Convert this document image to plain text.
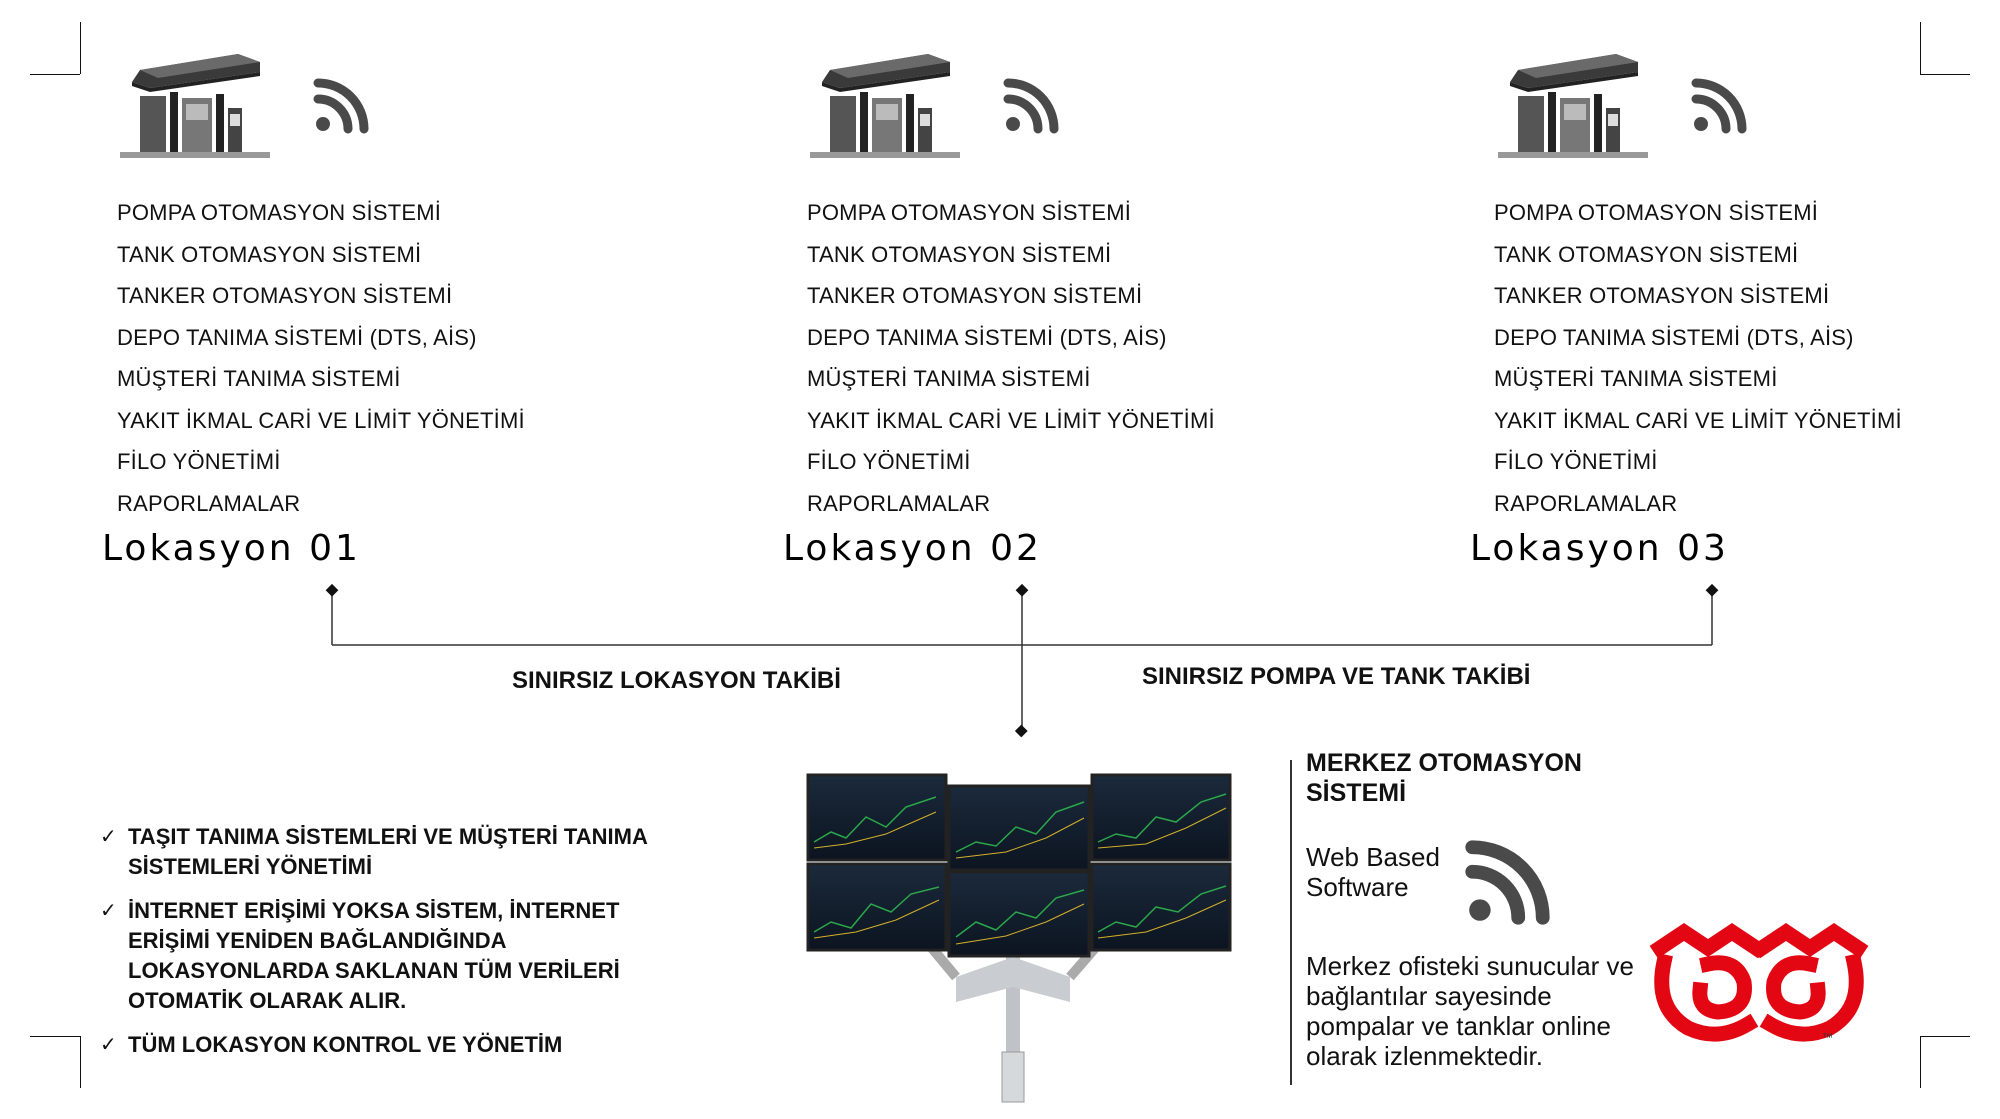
POMPA OTOMASYON SİSTEMİ
TANK OTOMASYON SİSTEMİ
TANKER OTOMASYON SİSTEMİ
DEPO TANIMA SİSTEMİ (DTS, AİS)
MÜŞTERİ TANIMA SİSTEMİ
YAKIT İKMAL CARİ VE LİMİT YÖNETİMİ
FİLO YÖNETİMİ
RAPORLAMALAR
Lokasyon 01
POMPA OTOMASYON SİSTEMİ
TANK OTOMASYON SİSTEMİ
TANKER OTOMASYON SİSTEMİ
DEPO TANIMA SİSTEMİ (DTS, AİS)
MÜŞTERİ TANIMA SİSTEMİ
YAKIT İKMAL CARİ VE LİMİT YÖNETİMİ
FİLO YÖNETİMİ
RAPORLAMALAR
Lokasyon 02
POMPA OTOMASYON SİSTEMİ
TANK OTOMASYON SİSTEMİ
TANKER OTOMASYON SİSTEMİ
DEPO TANIMA SİSTEMİ (DTS, AİS)
MÜŞTERİ TANIMA SİSTEMİ
YAKIT İKMAL CARİ VE LİMİT YÖNETİMİ
FİLO YÖNETİMİ
RAPORLAMALAR
Lokasyon 03
SINIRSIZ LOKASYON TAKİBİ	SINIRSIZ POMPA VE TANK TAKİBİ
✓ TAŞIT TANIMA SİSTEMLERİ VE MÜŞTERİ TANIMA SİSTEMLERİ YÖNETİMİ
✓ İNTERNET ERİŞİMİ YOKSA SİSTEM, İNTERNET ERİŞİMİ YENİDEN BAĞLANDIĞINDA LOKASYONLARDA SAKLANAN TÜM VERİLERİ OTOMATİK OLARAK ALIR.
✓ TÜM LOKASYON KONTROL VE YÖNETİM
MERKEZ OTOMASYON SİSTEMİ
Web Based Software
Merkez ofisteki sunucular ve bağlantılar sayesinde pompalar ve tanklar online olarak izlenmektedir.
™
